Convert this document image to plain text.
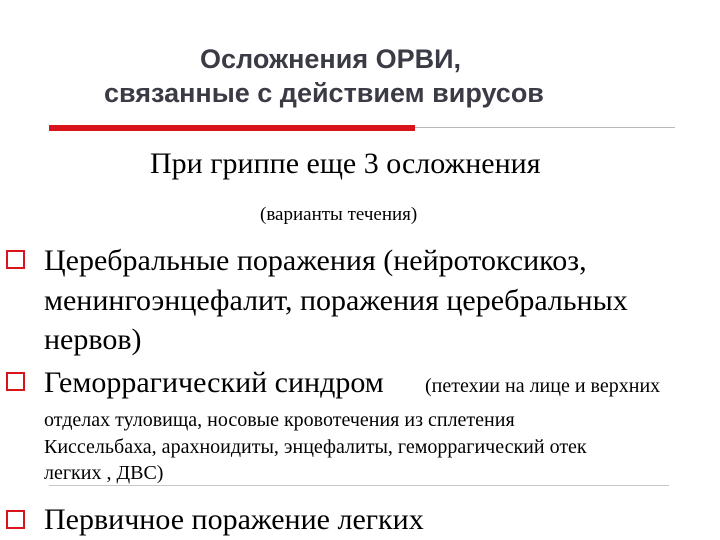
Осложнения ОРВИ,
связанные с действием вирусов
При гриппе еще 3 осложнения
(варианты течения)
Церебральные поражения (нейротоксикоз,
менингоэнцефалит, поражения церебральных
нервов)
Геморрагический синдром (петехии на лице и верхних
отделах туловища, носовые кровотечения из сплетения
Киссельбаха, арахноидиты, энцефалиты, геморрагический отек
легких , ДВС)
Первичное поражение легких
